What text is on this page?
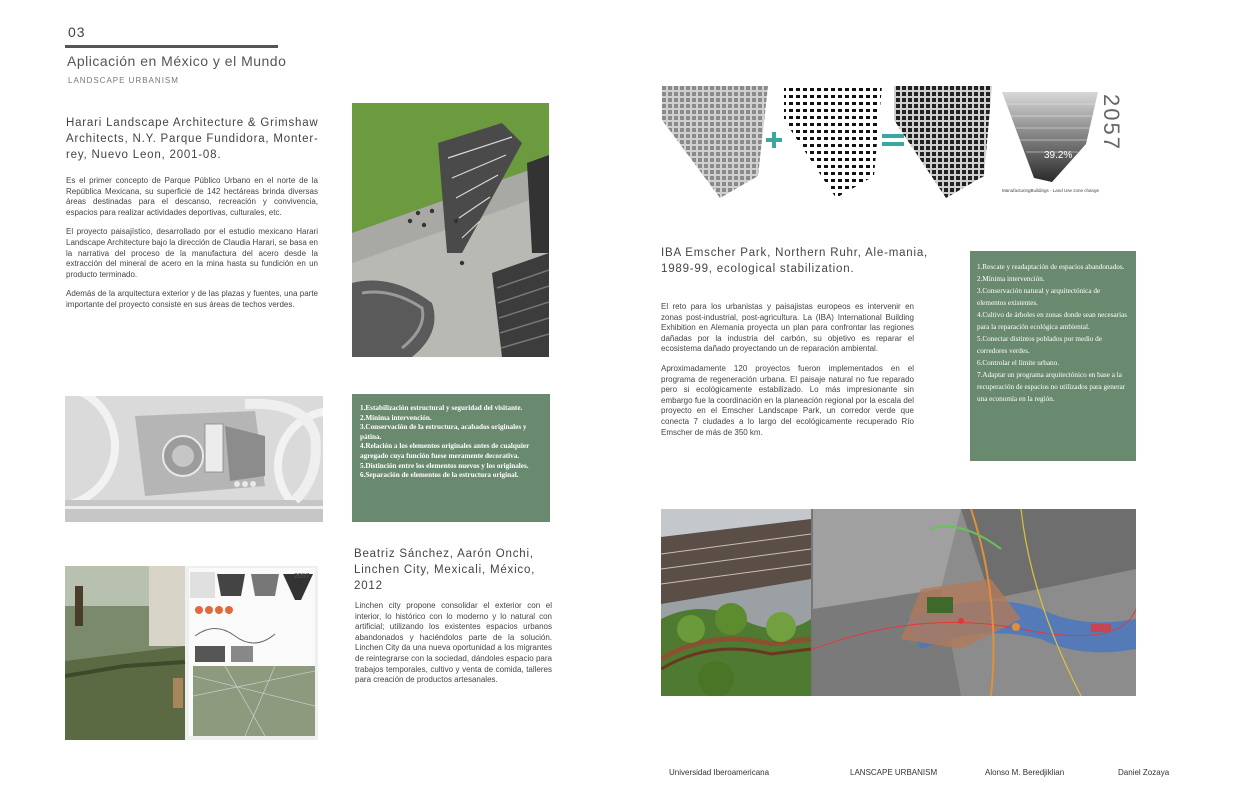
03
Aplicación en México y el Mundo
LANDSCAPE URBANISM
Harari Landscape Architecture & Grimshaw Architects, N.Y. Parque Fundidora, Monter-rey, Nuevo Leon, 2001-08.
Es el primer concepto de Parque Público Urbano en el norte de la República Mexicana, su superficie de 142 hectáreas brinda diversas áreas destinadas para el descanso, recreación y convivencia, espacios para realizar actividades deportivas, culturales, etc.
El proyecto paisajístico, desarrollado por el estudio mexicano Harari Landscape Architecture bajo la dirección de Claudia Harari, se basa en la narrativa del proceso de la manufactura del acero desde la extracción del mineral de acero en la mina hasta su fundición en un producto terminado.
Además de la arquitectura exterior y de las plazas y fuentes, una parte importante del proyecto consiste en sus áreas de techos verdes.
1.Estabilización estructural y seguridad del visitante.
2.Mínima intervención.
3.Conservación de la estructura, acabados originales y pátina.
4.Relación a los elementos originales antes de cualquier agregado cuya función fuese meramente decorativa.
5.Distinción entre los elementos nuevos y los originales.
6.Separación de elementos de la estructura original.
Beatriz Sánchez, Aarón Onchi, Linchen City, Mexicali, México, 2012
Linchen city propone consolidar el exterior con el interior, lo histórico con lo moderno y lo natural con artificial; utilizando los existentes espacios urbanos abandonados y haciéndolos parte de la solución. Linchen City da una nueva oportunidad a los migrantes de reintegrarse con la sociedad, dándoles espacio para trabajos temporales, cultivo y venta de comida, talleres para creación de productos artesanales.
2057
39.2%
2057
ManufacturingBuildings - Land Use zone change
IBA Emscher Park, Northern Ruhr, Ale-mania, 1989-99, ecological stabilization.
El reto para los urbanistas y paisajistas europeos es intervenir en zonas post-industrial, post-agricultura. La (IBA) International Building Exhibition en Alemania proyecta un plan para confrontar las regiones dañadas por la industria del carbón, su objetivo es reparar el ecosistema dañado proyectando un de reparación ambiental.
Aproximadamente 120 proyectos fueron implementados en el programa de regeneración urbana. El paisaje natural no fue reparado pero si ecológicamente estabilizado. Lo más impresionante sin embargo fue la coordinación en la planeación regional por la escala del proyecto en el Emscher Landscape Park, un corredor verde que conecta 7 ciudades a lo largo del ecológicamente recuperado Río Emscher de más de 350 km.
1.Rescate y readaptación de espacios abandonados.
2.Mínima intervención.
3.Conservación natural y arquitectónica de elementos existentes.
4.Cultivo de árboles en zonas donde sean necesarias para la reparación ecológica ambiental.
5.Conectar distintos poblados por medio de corredores verdes.
6.Controlar el límite urbano.
7.Adaptar un programa arquitectónico en base a la recuperación de espacios no utilizados para generar una economía en la región.
Universidad Iberoamericana	LANSCAPE URBANISM	Alonso M. Beredjiklian	Daniel Zozaya
